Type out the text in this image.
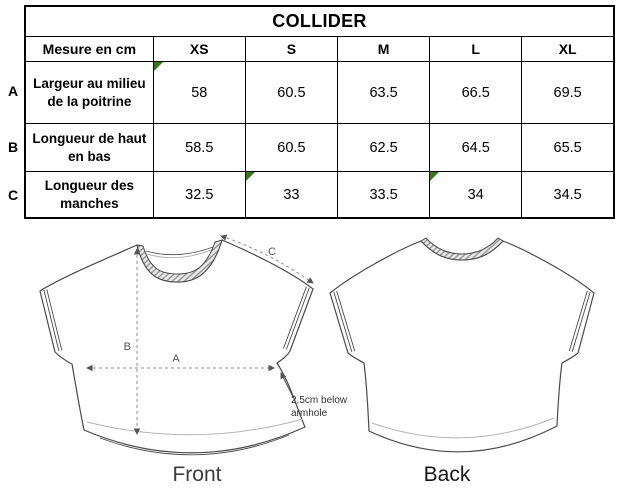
A
B
C
COLLIDER					
Mesure en cm	XS	S	M	L	XL
Largeur au milieu de la poitrine	58	60.5	63.5	66.5	69.5
Longueur de haut en bas	58.5	60.5	62.5	64.5	65.5
Longueur des manches	32.5	33	33.5	34	34.5
B
A
C
2,5cm below
armhole
Front	Back
